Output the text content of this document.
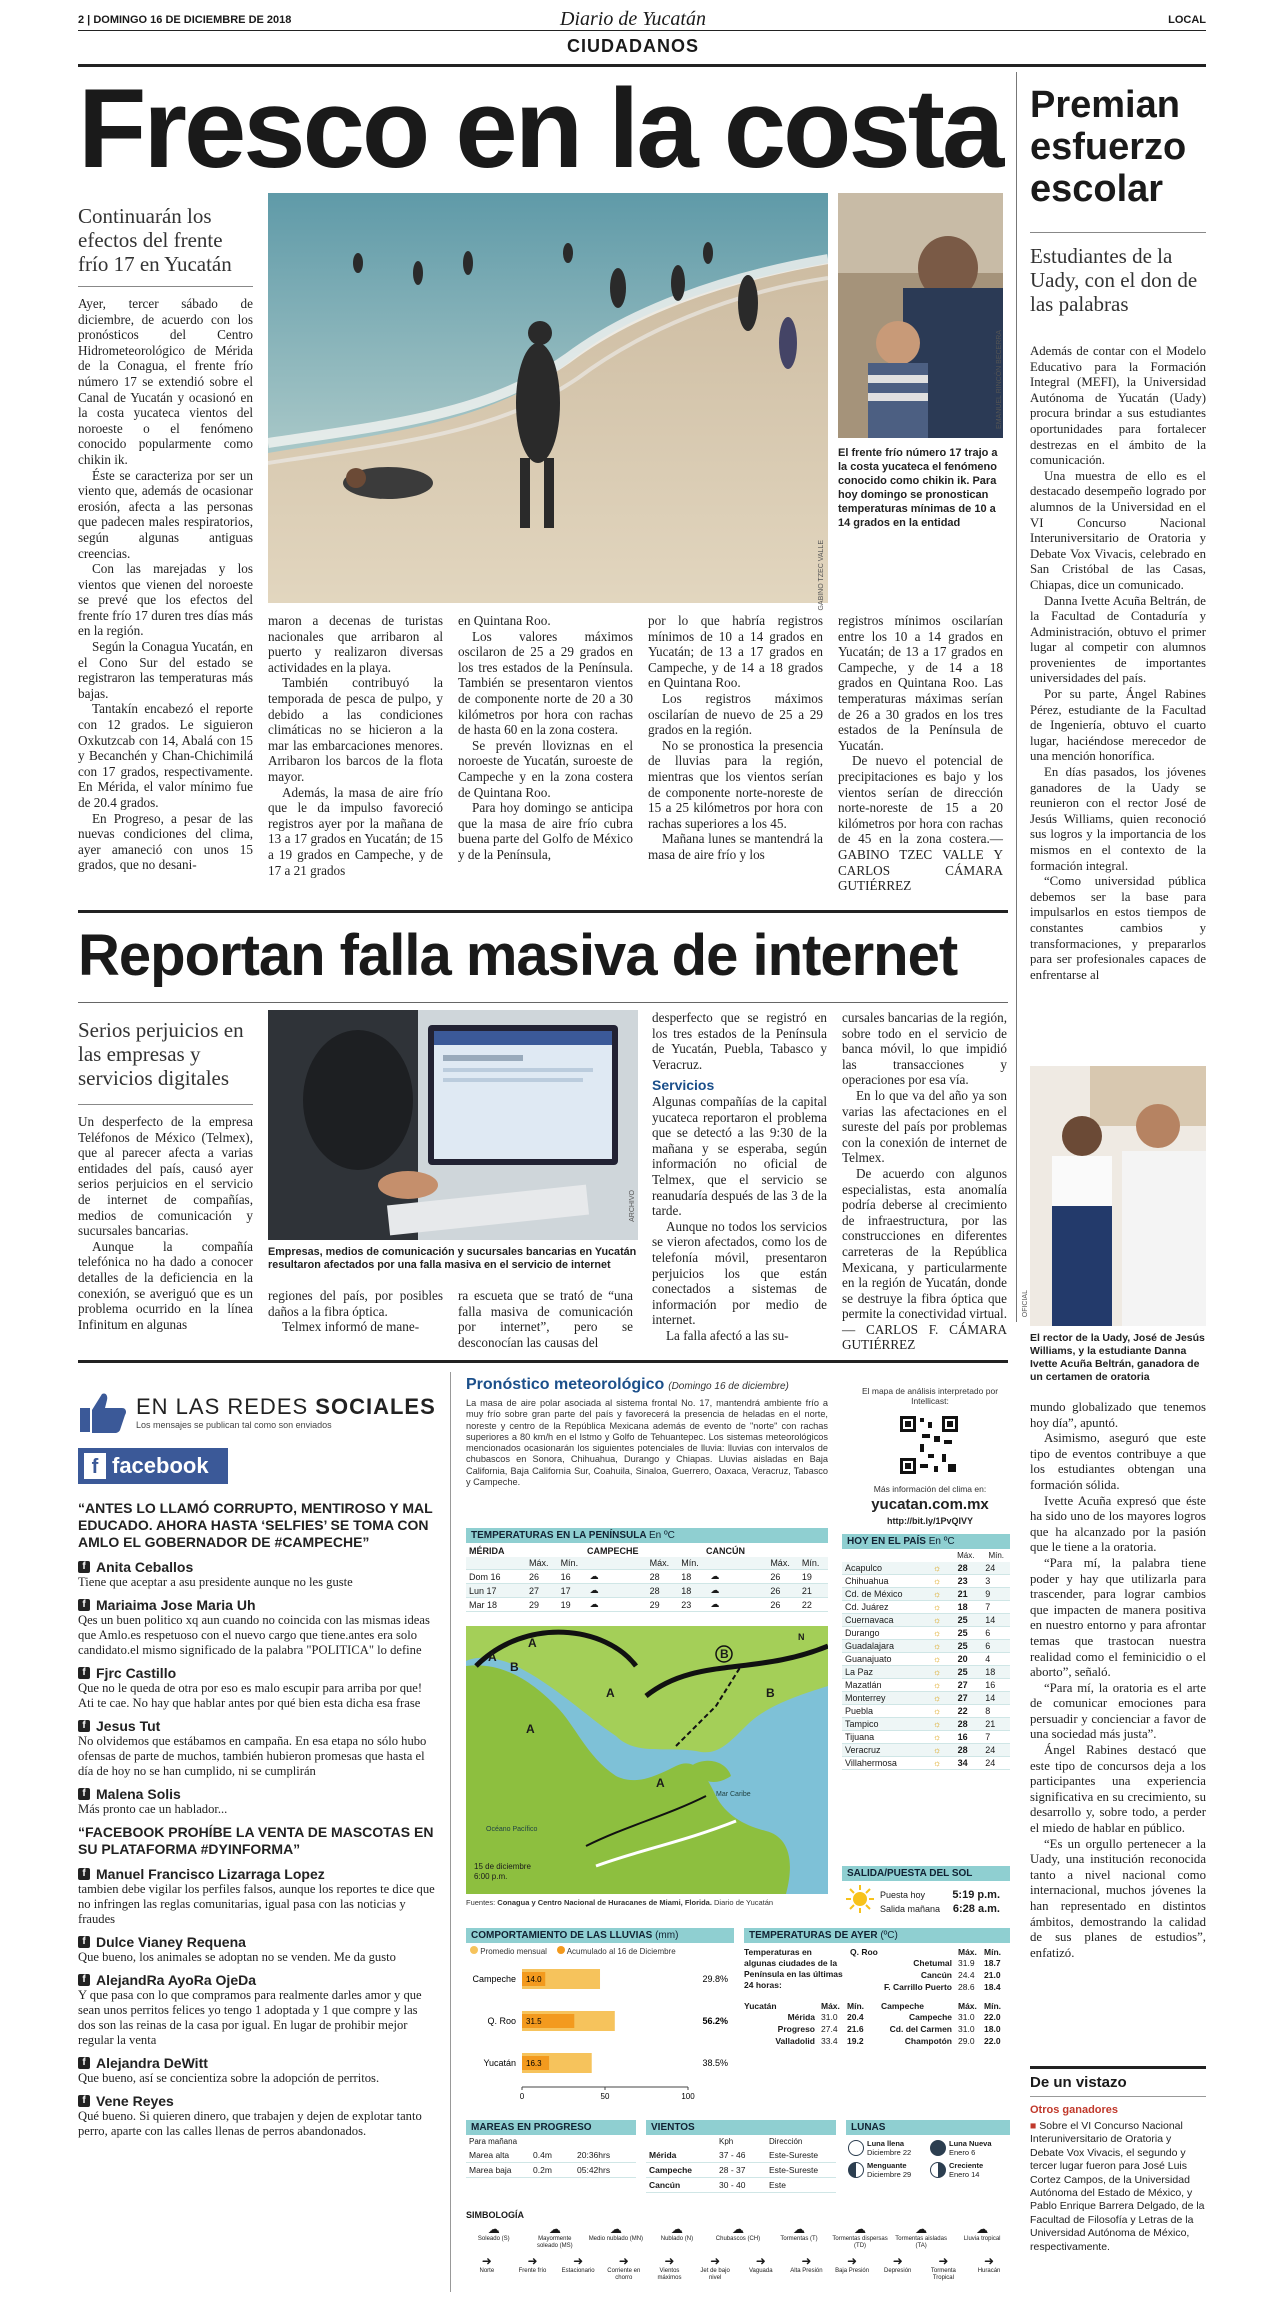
2 | DOMINGO 16 DE DICIEMBRE DE 2018	Diario de Yucatán	LOCAL
CIUDADANOS
Fresco en la costa
Continuarán los efectos del frente frío 17 en Yucatán

Ayer, tercer sábado de diciembre, de acuerdo con los pronósticos del Centro Hidrometeorológico de Mérida de la Conagua, el frente frío número 17 se extendió sobre el Canal de Yucatán y ocasionó en la costa yucateca vientos del noroeste o el fenómeno conocido popularmente como chikin ik.

Éste se caracteriza por ser un viento que, además de ocasionar erosión, afecta a las personas que padecen males respiratorios, según algunas antiguas creencias.

Con las marejadas y los vientos que vienen del noroeste se prevé que los efectos del frente frío 17 duren tres días más en la región.

Según la Conagua Yucatán, en el Cono Sur del estado se registraron las temperaturas más bajas.

Tantakín encabezó el reporte con 12 grados. Le siguieron Oxkutzcab con 14, Abalá con 15 y Becanchén y Chan-Chichimilá con 17 grados, respectivamente. En Mérida, el valor mínimo fue de 20.4 grados.

En Progreso, a pesar de las nuevas condiciones del clima, ayer amaneció con unos 15 grados, que no desani-

GABINO TZEC VALLE

maron a decenas de turistas nacionales que arribaron al puerto y realizaron diversas actividades en la playa.

También contribuyó la temporada de pesca de pulpo, y debido a las condiciones climáticas no se hicieron a la mar las embarcaciones menores. Arribaron los barcos de la flota mayor.

Además, la masa de aire frío que le da impulso favoreció registros ayer por la mañana de 13 a 17 grados en Yucatán; de 15 a 19 grados en Campeche, y de 17 a 21 grados

en Quintana Roo.

Los valores máximos oscilaron de 25 a 29 grados en los tres estados de la Península. También se presentaron vientos de componente norte de 20 a 30 kilómetros por hora con rachas de hasta 60 en la zona costera.

Se prevén lloviznas en el noroeste de Yucatán, suroeste de Campeche y en la zona costera de Quintana Roo.

Para hoy domingo se anticipa que la masa de aire frío cubra buena parte del Golfo de México y de la Península,

por lo que habría registros mínimos de 10 a 14 grados en Yucatán; de 13 a 17 grados en Campeche, y de 14 a 18 grados en Quintana Roo.

Los registros máximos oscilarían de nuevo de 25 a 29 grados en la región.

No se pronostica la presencia de lluvias para la región, mientras que los vientos serían de componente norte-noreste de 15 a 25 kilómetros por hora con rachas superiores a los 45.

Mañana lunes se mantendrá la masa de aire frío y los

registros mínimos oscilarían entre los 10 a 14 grados en Yucatán; de 13 a 17 grados en Campeche, y de 14 a 18 grados en Quintana Roo. Las temperaturas máximas serían de 26 a 30 grados en los tres estados de la Península de Yucatán.

De nuevo el potencial de precipitaciones es bajo y los vientos serían de dirección norte-noreste de 15 a 20 kilómetros por hora con rachas de 45 en la zona costera.— GABINO TZEC VALLE Y CARLOS CÁMARA GUTIÉRREZ

EMANUEL RINCÓN BECERRA
El frente frío número 17 trajo a la costa yucateca el fenómeno conocido como chikin ik. Para hoy domingo se pronostican temperaturas mínimas de 10 a 14 grados en la entidad
Premian esfuerzo escolar
Estudiantes de la Uady, con el don de las palabras

Además de contar con el Modelo Educativo para la Formación Integral (MEFI), la Universidad Autónoma de Yucatán (Uady) procura brindar a sus estudiantes oportunidades para fortalecer destrezas en el ámbito de la comunicación.

Una muestra de ello es el destacado desempeño logrado por alumnos de la Universidad en el VI Concurso Nacional Interuniversitario de Oratoria y Debate Vox Vivacis, celebrado en San Cristóbal de las Casas, Chiapas, dice un comunicado.

Danna Ivette Acuña Beltrán, de la Facultad de Contaduría y Administración, obtuvo el primer lugar al competir con alumnos provenientes de importantes universidades del país.

Por su parte, Ángel Rabines Pérez, estudiante de la Facultad de Ingeniería, obtuvo el cuarto lugar, haciéndose merecedor de una mención honorífica.

En días pasados, los jóvenes ganadores de la Uady se reunieron con el rector José de Jesús Williams, quien reconoció sus logros y la importancia de los mismos en el contexto de la formación integral.

“Como universidad pública debemos ser la base para impulsarlos en estos tiempos de constantes cambios y transformaciones, y prepararlos para ser profesionales capaces de enfrentarse al

OFICIAL
El rector de la Uady, José de Jesús Williams, y la estudiante Danna Ivette Acuña Beltrán, ganadora de un certamen de oratoria

mundo globalizado que tenemos hoy día”, apuntó.

Asimismo, aseguró que este tipo de eventos contribuye a que los estudiantes obtengan una formación sólida.

Ivette Acuña expresó que éste ha sido uno de los mayores logros que ha alcanzado por la pasión que le tiene a la oratoria.

“Para mí, la palabra tiene poder y hay que utilizarla para trascender, para lograr cambios que impacten de manera positiva en nuestro entorno y para afrontar temas que trastocan nuestra realidad como el feminicidio o el aborto”, señaló.

“Para mí, la oratoria es el arte de comunicar emociones para persuadir y concienciar a favor de una sociedad más justa”.

Ángel Rabines destacó que este tipo de concursos deja a los participantes una experiencia significativa en su crecimiento, su desarrollo y, sobre todo, a perder el miedo de hablar en público.

“Es un orgullo pertenecer a la Uady, una institución reconocida tanto a nivel nacional como internacional, muchos jóvenes la han representado en distintos ámbitos, demostrando la calidad de sus planes de estudios”, enfatizó.

De un vistazo
Otros ganadores
■ Sobre el VI Concurso Nacional Interuniversitario de Oratoria y Debate Vox Vivacis, el segundo y tercer lugar fueron para José Luis Cortez Campos, de la Universidad Autónoma del Estado de México, y Pablo Enrique Barrera Delgado, de la Facultad de Filosofía y Letras de la Universidad Autónoma de México, respectivamente.
Reportan falla masiva de internet
Serios perjuicios en las empresas y servicios digitales

Un desperfecto de la empresa Teléfonos de México (Telmex), que al parecer afecta a varias entidades del país, causó ayer serios perjuicios en el servicio de internet de compañías, medios de comunicación y sucursales bancarias.

Aunque la compañía telefónica no ha dado a conocer detalles de la deficiencia en la conexión, se averiguó que es un problema ocurrido en la línea Infinitum en algunas

ARCHIVO
Empresas, medios de comunicación y sucursales bancarias en Yucatán resultaron afectados por una falla masiva en el servicio de internet

regiones del país, por posibles daños a la fibra óptica.

Telmex informó de mane-

ra escueta que se trató de “una falla masiva de comunicación por internet”, pero se desconocían las causas del

desperfecto que se registró en los tres estados de la Península de Yucatán, Puebla, Tabasco y Veracruz.

Servicios

Algunas compañías de la capital yucateca reportaron el problema que se detectó a las 9:30 de la mañana y se esperaba, según información no oficial de Telmex, que el servicio se reanudaría después de las 3 de la tarde.

Aunque no todos los servicios se vieron afectados, como los de telefonía móvil, presentaron perjuicios los que están conectados a sistemas de información por medio de internet.

La falla afectó a las su-

cursales bancarias de la región, sobre todo en el servicio de banca móvil, lo que impidió las transacciones y operaciones por esa vía.

En lo que va del año ya son varias las afectaciones en el sureste del país por problemas con la conexión de internet de Telmex.

De acuerdo con algunos especialistas, esta anomalía podría deberse al crecimiento de infraestructura, por las construcciones en diferentes carreteras de la República Mexicana, y particularmente en la región de Yucatán, donde se destruye la fibra óptica que permite la conectividad virtual.— CARLOS F. CÁMARA GUTIÉRREZ

EN LAS REDES SOCIALES
Los mensajes se publican tal como son enviados
f facebook
“ANTES LO LLAMÓ CORRUPTO, MENTIROSO Y MAL EDUCADO. AHORA HASTA ‘SELFIES’ SE TOMA CON AMLO EL GOBERNADOR DE #CAMPECHE”
f Anita Ceballos
Tiene que aceptar a asu presidente aunque no les guste
f Mariaima Jose Maria Uh
Qes un buen politico xq aun cuando no coincida con las mismas ideas que Amlo.es respetuoso con el nuevo cargo que tiene.antes era solo candidato.el mismo significado de la palabra "POLITICA" lo define
f Fjrc Castillo
Que no le queda de otra por eso es malo escupir para arriba por que! Ati te cae. No hay que hablar antes por qué bien esta dicha esa frase
f Jesus Tut
No olvidemos que estábamos en campaña. En esa etapa no sólo hubo ofensas de parte de muchos, también hubieron promesas que hasta el día de hoy no se han cumplido, ni se cumplirán
f Malena Solis
Más pronto cae un hablador...
“FACEBOOK PROHÍBE LA VENTA DE MASCOTAS EN SU PLATAFORMA #DYINFORMA”
f Manuel Francisco Lizarraga Lopez
tambien debe vigilar los perfiles falsos, aunque los reportes te dice que no infringen las reglas comunitarias, igual pasa con las noticias y fraudes
f Dulce Vianey Requena
Que bueno, los animales se adoptan no se venden. Me da gusto
f AlejandRa AyoRa OjeDa
Y que pasa con lo que compramos para realmente darles amor y que sean unos perritos felices yo tengo 1 adoptada y 1 que compre y las dos son las reinas de la casa por igual. En lugar de prohibir mejor regular la venta
f Alejandra DeWitt
Que bueno, así se concientiza sobre la adopción de perritos.
f Vene Reyes
Qué bueno. Si quieren dinero, que trabajen y dejen de explotar tanto perro, aparte con las calles llenas de perros abandonados.
Pronóstico meteorológico (Domingo 16 de diciembre)
La masa de aire polar asociada al sistema frontal No. 17, mantendrá ambiente frío a muy frío sobre gran parte del país y favorecerá la presencia de heladas en el norte, noreste y centro de la República Mexicana además de evento de "norte" con rachas superiores a 80 km/h en el Istmo y Golfo de Tehuantepec. Los sistemas meteorológicos mencionados ocasionarán los siguientes potenciales de lluvia: lluvias con intervalos de chubascos en Sonora, Chihuahua, Durango y Chiapas. Lluvias aisladas en Baja California, Baja California Sur, Coahuila, Sinaloa, Guerrero, Oaxaca, Veracruz, Tabasco y Campeche.
El mapa de análisis interpretado por Intellicast:
Más información del clima en:
yucatan.com.mx
http://bit.ly/1PvQIVY
TEMPERATURAS EN LA PENÍNSULA En ºC
MÉRIDA	CAMPECHE	CANCÚN
	Máx.	Mín.		Máx.	Mín.		Máx.	Mín.
Dom 16	26	16	☁	28	18	☁	26	19
Lun 17	27	17	☁	28	18	☁	26	21
Mar 18	29	19	☁	29	23	☁	26	22
A
A
B
B
A	B
A
A
Océano Pacífico
Mar Caribe
N
15 de diciembre
6:00 p.m.
Fuentes: Conagua y Centro Nacional de Huracanes de Miami, Florida. Diario de Yucatán
HOY EN EL PAÍS En ºC
Máx. Mín.
Acapulco	☼	28	24
Chihuahua	☼	23	3
Cd. de México	☼	21	9
Cd. Juárez	☼	18	7
Cuernavaca	☼	25	14
Durango	☼	25	6
Guadalajara	☼	25	6
Guanajuato	☼	20	4
La Paz	☼	25	18
Mazatlán	☼	27	16
Monterrey	☼	27	14
Puebla	☼	22	8
Tampico	☼	28	21
Tijuana	☼	16	7
Veracruz	☼	28	24
Villahermosa	☼	34	24
SALIDA/PUESTA DEL SOL
Puesta hoy 5:19 p.m.
Salida mañana 6:28 a.m.
COMPORTAMIENTO DE LAS LLUVIAS (mm)
Promedio mensual	Acumulado al 16 de Diciembre
Campeche 14.0	29.8%
Q. Roo 31.5	56.2%
Yucatán 16.3	38.5%
0	50	100
TEMPERATURAS DE AYER (ºC)
Temperaturas en algunas ciudades de la Península en las últimas 24 horas:
Q. Roo	Máx. Mín.
Chetumal 31.9	18.7
Cancún 24.4	21.0
F. Carrillo Puerto 28.6	18.4
Yucatán	Máx. Mín.
Mérida 31.0	20.4
Progreso 27.4	21.6
Valladolid 33.4	19.2
Campeche	Máx. Mín.
Campeche 31.0	22.0
Cd. del Carmen 31.0	18.0
Champotón 29.0	22.0
MAREAS EN PROGRESO
Para mañana
Marea alta	0.4m	20:36hrs
Marea baja	0.2m	05:42hrs
VIENTOS
Kph	Dirección
Mérida	37 - 46	Este-Sureste
Campeche	28 - 37	Este-Sureste
Cancún	30 - 40	Este
LUNAS
Luna llena
Diciembre 22
Luna Nueva
Enero 6
Menguante
Diciembre 29
Creciente
Enero 14
SIMBOLOGÍA
☁
Soleado (S)
☁
Mayormente soleado (MS)
☁
Medio nublado (MN)
☁
Nublado (N)
☁
Chubascos (CH)
☁
Tormentas (T)
☁
Tormentas dispersas (TD)
☁
Tormentas aisladas (TA)
☁
Lluvia tropical
➜
Norte
➜
Frente frío
➜
Estacionario
➜
Corriente en chorro
➜
Vientos máximos
➜
Jet de bajo nivel
➜
Vaguada
➜
Alta Presión
➜
Baja Presión
➜
Depresión
➜
Tormenta Tropical
➜
Huracán
